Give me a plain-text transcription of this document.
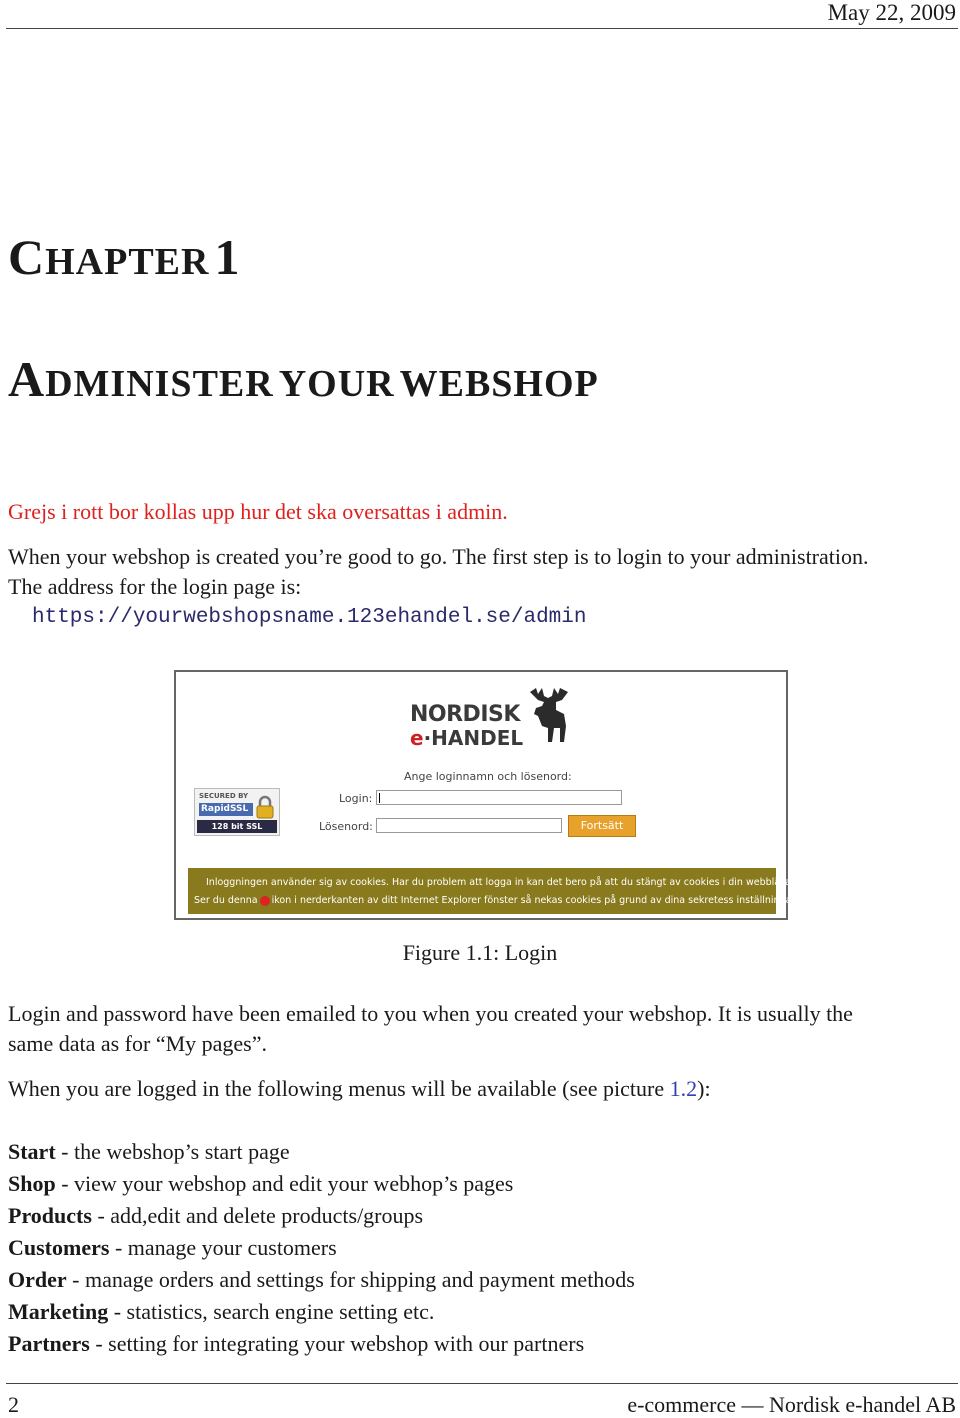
May 22, 2009
CHAPTER 1
ADMINISTER YOUR WEBSHOP
Grejs i rott bor kollas upp hur det ska oversattas i admin.
When your webshop is created you’re good to go. The first step is to login to your administration.
The address for the login page is:
https://yourwebshopsname.123ehandel.se/admin
NORDISK
e·HANDEL
Ange loginnamn och lösenord:
SECURED BY
RapidSSL
128 bit SSL Security
Login:
Lösenord:	Fortsätt
Inloggningen använder sig av cookies. Har du problem att logga in kan det bero på att du stängt av cookies i din webbläsare.
Ser du denna ikon i nerderkanten av ditt Internet Explorer fönster så nekas cookies på grund av dina sekretess inställningar
Figure 1.1: Login
Login and password have been emailed to you when you created your webshop. It is usually the
same data as for “My pages”.
When you are logged in the following menus will be available (see picture 1.2):
Start - the webshop’s start page
Shop - view your webshop and edit your webhop’s pages
Products - add,edit and delete products/groups
Customers - manage your customers
Order - manage orders and settings for shipping and payment methods
Marketing - statistics, search engine setting etc.
Partners - setting for integrating your webshop with our partners
2	e-commerce — Nordisk e-handel AB
